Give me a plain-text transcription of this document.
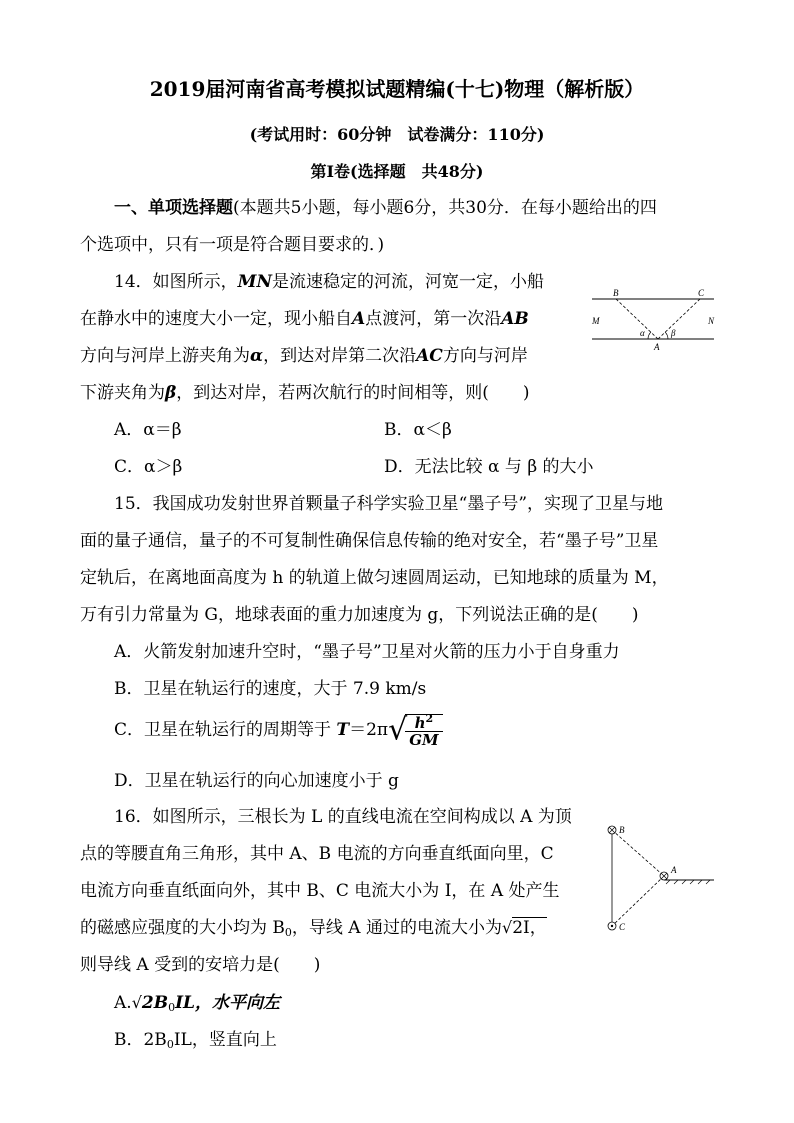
2019届河南省高考模拟试题精编(十七)物理（解析版）
(考试用时：60分钟　试卷满分：110分)
第Ⅰ卷(选择题　共48分)
一、单项选择题(本题共5小题，每小题6分，共30分．在每小题给出的四
个选项中，只有一项是符合题目要求的．)
14．如图所示，MN是流速稳定的河流，河宽一定，小船
在静水中的速度大小一定，现小船自A点渡河，第一次沿AB
方向与河岸上游夹角为α，到达对岸第二次沿AC方向与河岸
下游夹角为β，到达对岸，若两次航行的时间相等，则(　　)
A．α＝β	B．α＜β
C．α＞β	D．无法比较 α 与 β 的大小
B	C
M	N
α	β
A
15．我国成功发射世界首颗量子科学实验卫星“墨子号”，实现了卫星与地
面的量子通信，量子的不可复制性确保信息传输的绝对安全，若“墨子号”卫星
定轨后，在离地面高度为 h 的轨道上做匀速圆周运动，已知地球的质量为 M，
万有引力常量为 G，地球表面的重力加速度为 g，下列说法正确的是(　　)
A．火箭发射加速升空时，“墨子号”卫星对火箭的压力小于自身重力
B．卫星在轨运行的速度，大于 7.9 km/s
C．卫星在轨运行的周期等于 T＝2π√
$\frac{h^2}{GM}$
D．卫星在轨运行的向心加速度小于 g
16．如图所示，三根长为 L 的直线电流在空间构成以 A 为顶
点的等腰直角三角形，其中 A、B 电流的方向垂直纸面向里，C
电流方向垂直纸面向外，其中 B、C 电流大小为 I，在 A 处产生
的磁感应强度的大小均为 $B_0$，导线 A 通过的电流大小为√2I，
则导线 A 受到的安培力是(　　)
$A.√2B_0IL$，水平向左
B．$2B_0IL$，竖直向上
B
A
C
